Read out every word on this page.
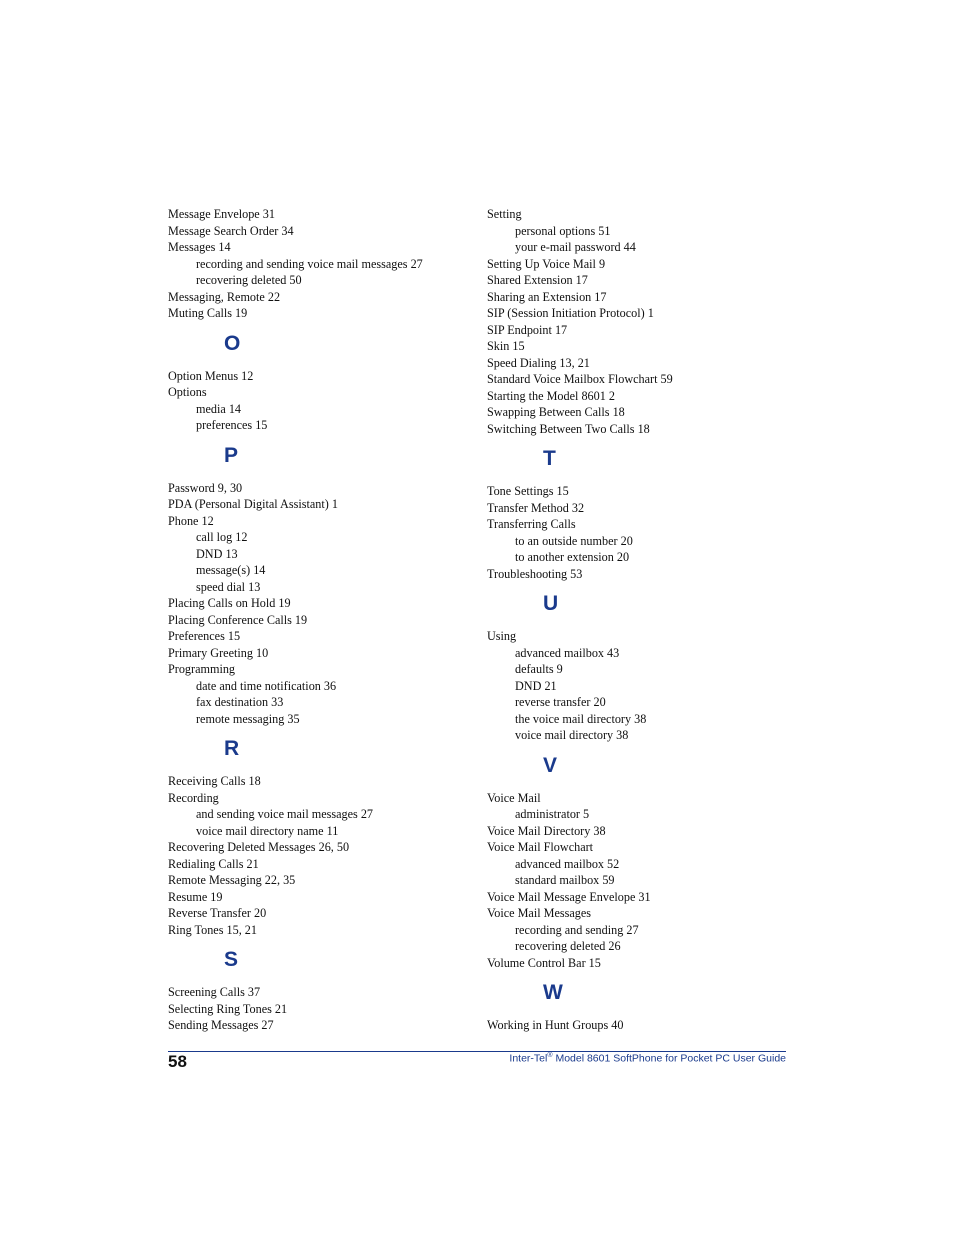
Message Envelope 31
Message Search Order 34
Messages 14
recording and sending voice mail messages 27
recovering deleted 50
Messaging, Remote 22
Muting Calls 19
O
Option Menus 12
Options
media 14
preferences 15
P
Password 9, 30
PDA (Personal Digital Assistant) 1
Phone 12
call log 12
DND 13
message(s) 14
speed dial 13
Placing Calls on Hold 19
Placing Conference Calls 19
Preferences 15
Primary Greeting 10
Programming
date and time notification 36
fax destination 33
remote messaging 35
R
Receiving Calls 18
Recording
and sending voice mail messages 27
voice mail directory name 11
Recovering Deleted Messages 26, 50
Redialing Calls 21
Remote Messaging 22, 35
Resume 19
Reverse Transfer 20
Ring Tones 15, 21
S
Screening Calls 37
Selecting Ring Tones 21
Sending Messages 27
Setting
personal options 51
your e-mail password 44
Setting Up Voice Mail 9
Shared Extension 17
Sharing an Extension 17
SIP (Session Initiation Protocol) 1
SIP Endpoint 17
Skin 15
Speed Dialing 13, 21
Standard Voice Mailbox Flowchart 59
Starting the Model 8601 2
Swapping Between Calls 18
Switching Between Two Calls 18
T
Tone Settings 15
Transfer Method 32
Transferring Calls
to an outside number 20
to another extension 20
Troubleshooting 53
U
Using
advanced mailbox 43
defaults 9
DND 21
reverse transfer 20
the voice mail directory 38
voice mail directory 38
V
Voice Mail
administrator 5
Voice Mail Directory 38
Voice Mail Flowchart
advanced mailbox 52
standard mailbox 59
Voice Mail Message Envelope 31
Voice Mail Messages
recording and sending 27
recovering deleted 26
Volume Control Bar 15
W
Working in Hunt Groups 40
58	Inter-Tel® Model 8601 SoftPhone for Pocket PC User Guide
